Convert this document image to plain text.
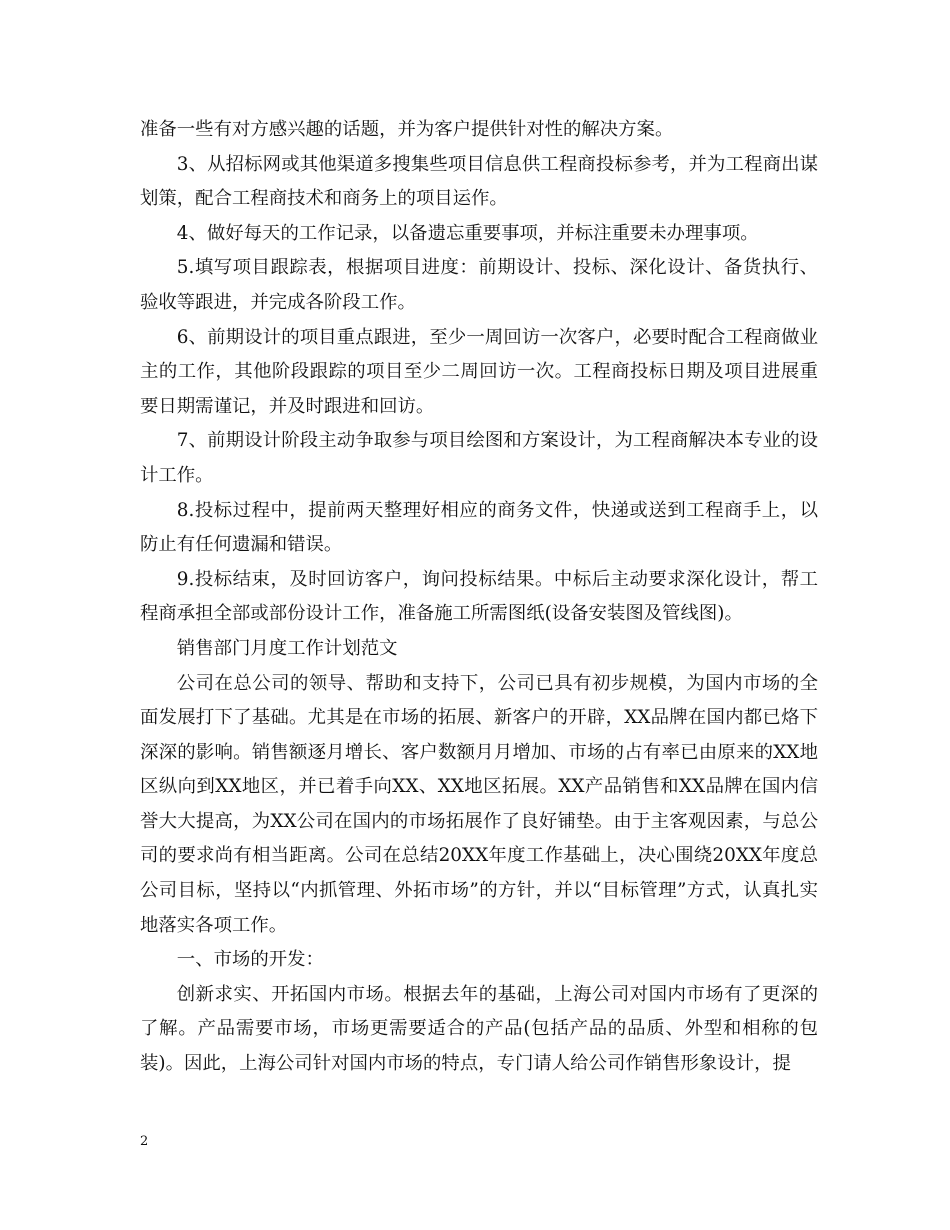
准备一些有对方感兴趣的话题，并为客户提供针对性的解决方案。

3、从招标网或其他渠道多搜集些项目信息供工程商投标参考，并为工程商出谋划策，配合工程商技术和商务上的项目运作。

4、做好每天的工作记录，以备遗忘重要事项，并标注重要未办理事项。

5.填写项目跟踪表，根据项目进度：前期设计、投标、深化设计、备货执行、验收等跟进，并完成各阶段工作。

6、前期设计的项目重点跟进，至少一周回访一次客户，必要时配合工程商做业主的工作，其他阶段跟踪的项目至少二周回访一次。工程商投标日期及项目进展重要日期需谨记，并及时跟进和回访。

7、前期设计阶段主动争取参与项目绘图和方案设计，为工程商解决本专业的设计工作。

8.投标过程中，提前两天整理好相应的商务文件，快递或送到工程商手上，以防止有任何遗漏和错误。

9.投标结束，及时回访客户，询问投标结果。中标后主动要求深化设计，帮工程商承担全部或部份设计工作，准备施工所需图纸(设备安装图及管线图)。

销售部门月度工作计划范文

公司在总公司的领导、帮助和支持下，公司已具有初步规模，为国内市场的全面发展打下了基础。尤其是在市场的拓展、新客户的开辟，XX品牌在国内都已烙下深深的影响。销售额逐月增长、客户数额月月增加、市场的占有率已由原来的XX地区纵向到XX地区，并已着手向XX、XX地区拓展。XX产品销售和XX品牌在国内信誉大大提高，为XX公司在国内的市场拓展作了良好铺垫。由于主客观因素，与总公司的要求尚有相当距离。公司在总结20XX年度工作基础上，决心围绕20XX年度总公司目标，坚持以“内抓管理、外拓市场”的方针，并以“目标管理”方式，认真扎实地落实各项工作。

一、市场的开发：

创新求实、开拓国内市场。根据去年的基础，上海公司对国内市场有了更深的了解。产品需要市场，市场更需要适合的产品(包括产品的品质、外型和相称的包装)。因此，上海公司针对国内市场的特点，专门请人给公司作销售形象设计，提

2
